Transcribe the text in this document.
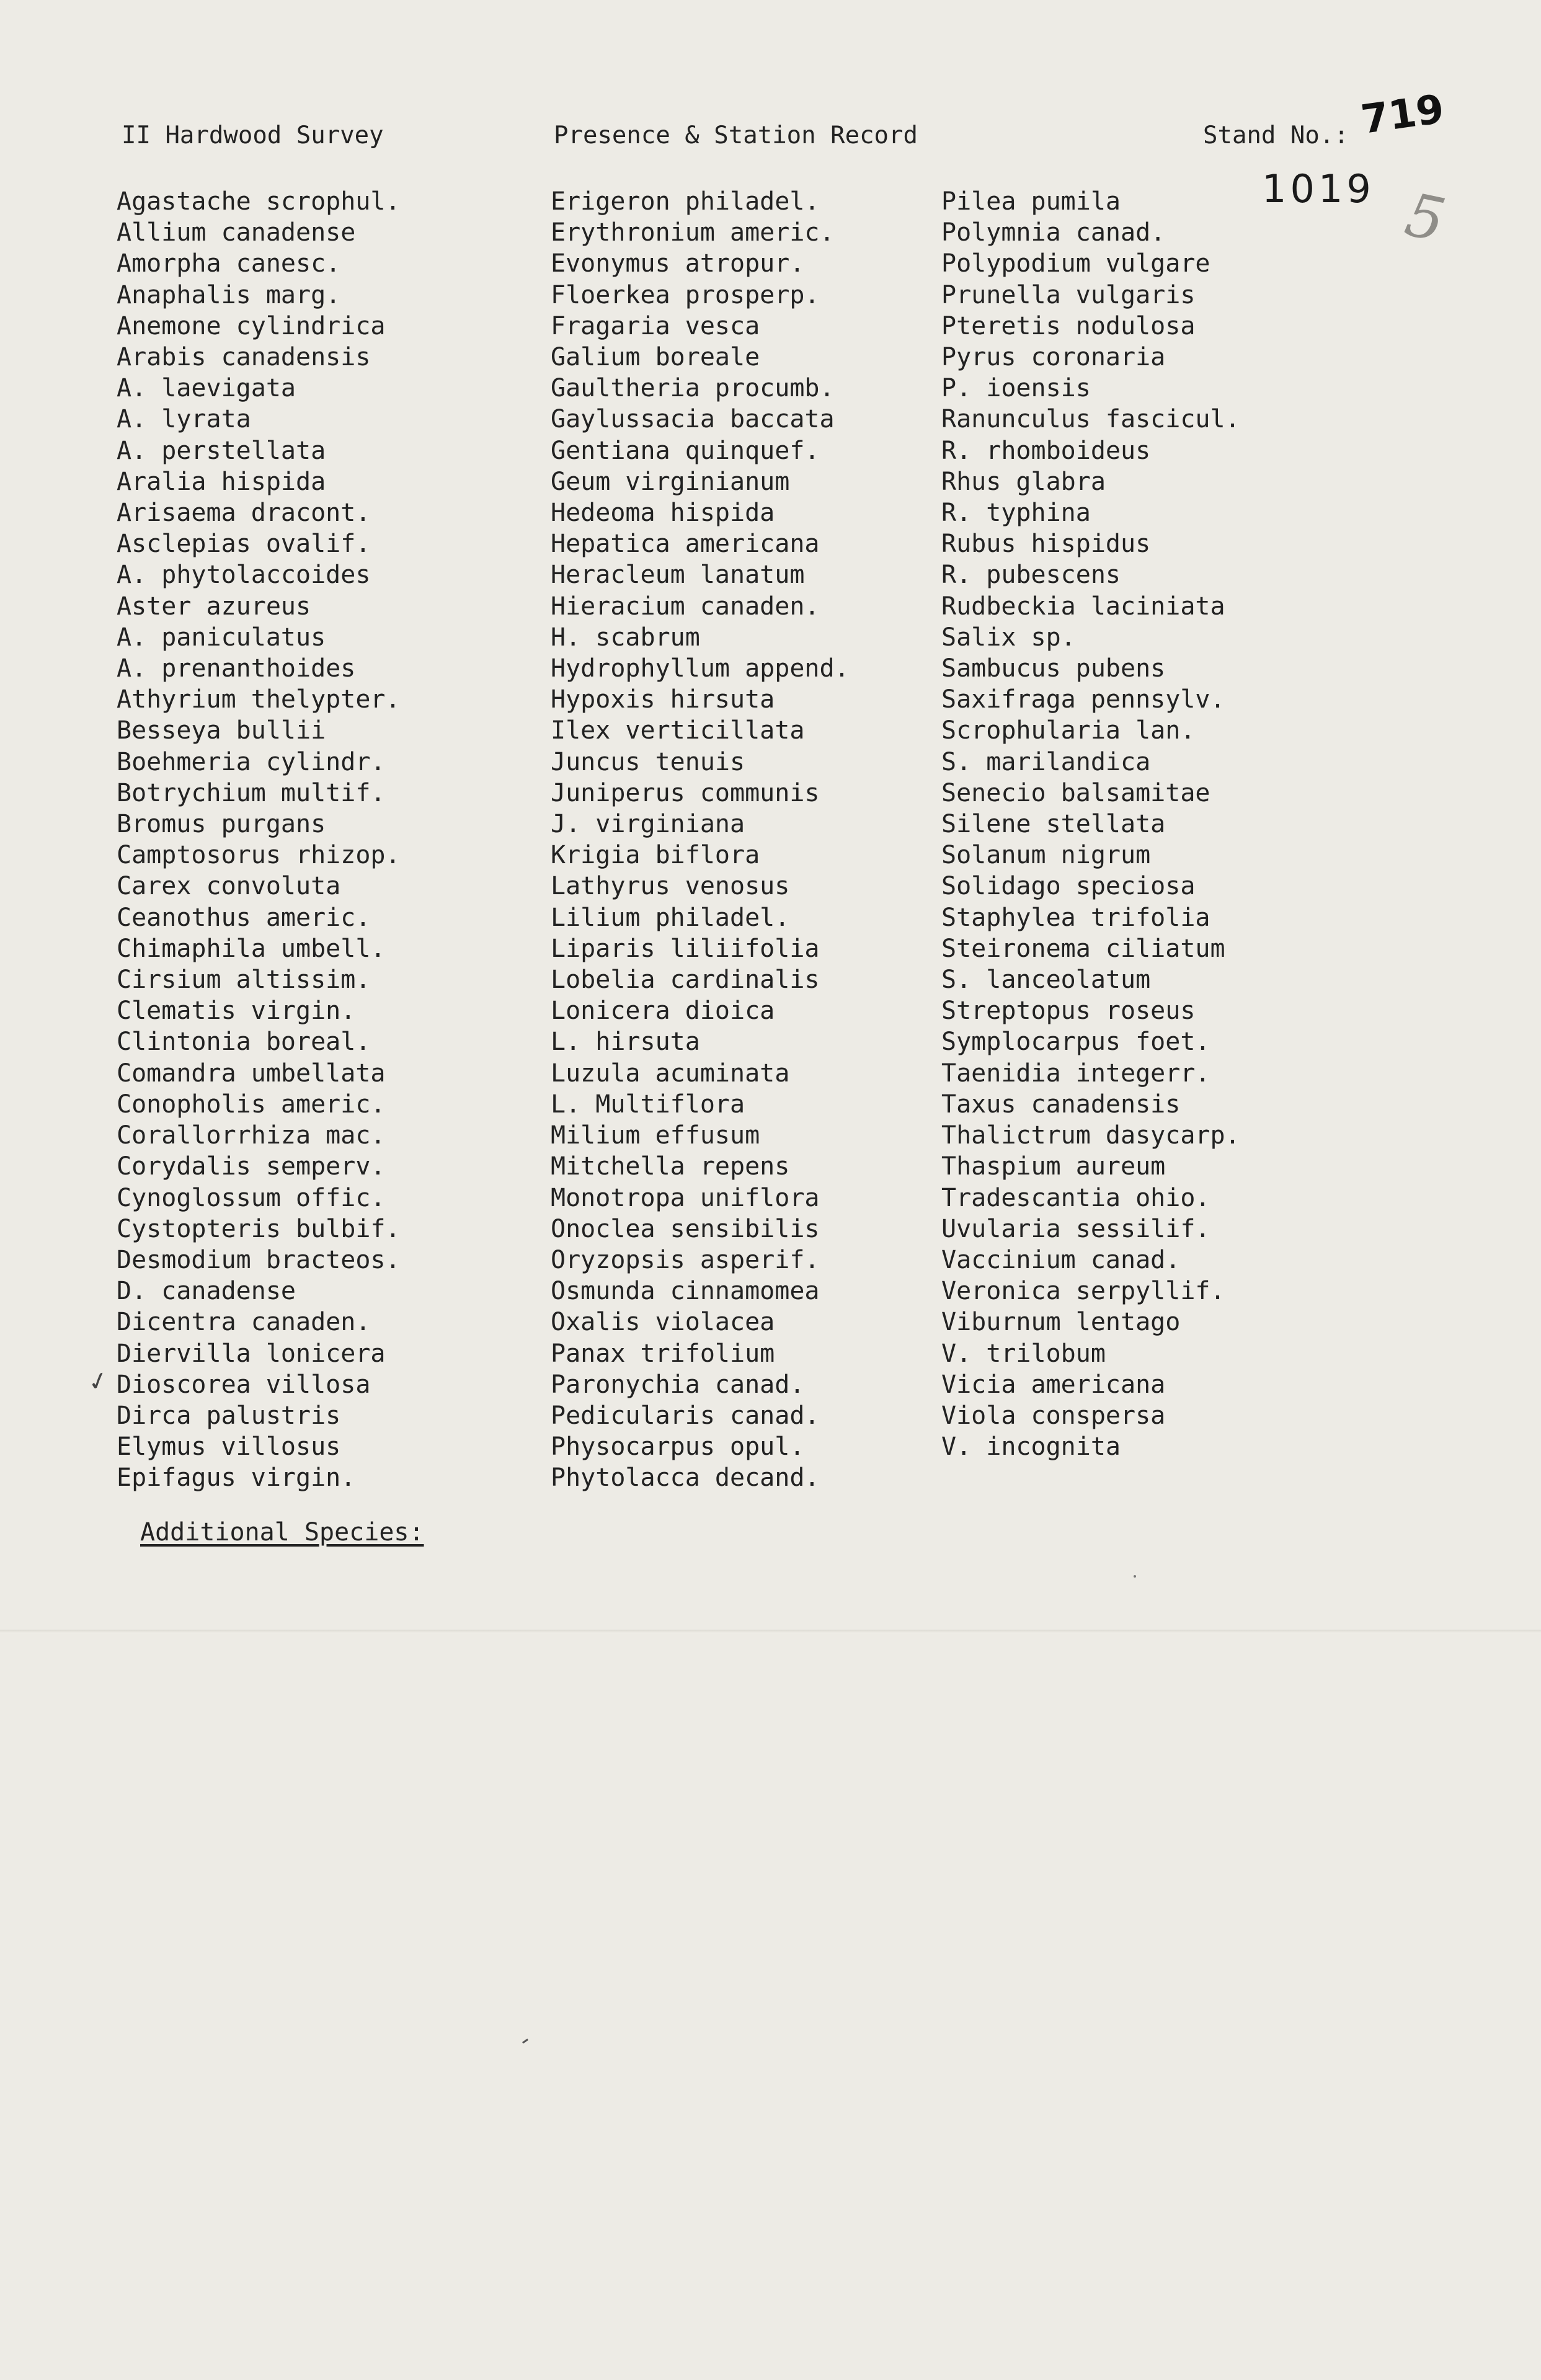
II Hardwood Survey	Presence & Station Record	Stand No.: 719
1019 5
Agastache scrophul.
Allium canadense
Amorpha canesc.
Anaphalis marg.
Anemone cylindrica
Arabis canadensis
A. laevigata
A. lyrata
A. perstellata
Aralia hispida
Arisaema dracont.
Asclepias ovalif.
A. phytolaccoides
Aster azureus
A. paniculatus
A. prenanthoides
Athyrium thelypter.
Besseya bullii
Boehmeria cylindr.
Botrychium multif.
Bromus purgans
Camptosorus rhizop.
Carex convoluta
Ceanothus americ.
Chimaphila umbell.
Cirsium altissim.
Clematis virgin.
Clintonia boreal.
Comandra umbellata
Conopholis americ.
Corallorrhiza mac.
Corydalis semperv.
Cynoglossum offic.
Cystopteris bulbif.
Desmodium bracteos.
D. canadense
Dicentra canaden.
Diervilla lonicera
Dioscorea villosa
Dirca palustris
Elymus villosus
Epifagus virgin.
Erigeron philadel.
Erythronium americ.
Evonymus atropur.
Floerkea prosperp.
Fragaria vesca
Galium boreale
Gaultheria procumb.
Gaylussacia baccata
Gentiana quinquef.
Geum virginianum
Hedeoma hispida
Hepatica americana
Heracleum lanatum
Hieracium canaden.
H. scabrum
Hydrophyllum append.
Hypoxis hirsuta
Ilex verticillata
Juncus tenuis
Juniperus communis
J. virginiana
Krigia biflora
Lathyrus venosus
Lilium philadel.
Liparis liliifolia
Lobelia cardinalis
Lonicera dioica
L. hirsuta
Luzula acuminata
L. Multiflora
Milium effusum
Mitchella repens
Monotropa uniflora
Onoclea sensibilis
Oryzopsis asperif.
Osmunda cinnamomea
Oxalis violacea
Panax trifolium
Paronychia canad.
Pedicularis canad.
Physocarpus opul.
Phytolacca decand.
Pilea pumila
Polymnia canad.
Polypodium vulgare
Prunella vulgaris
Pteretis nodulosa
Pyrus coronaria
P. ioensis
Ranunculus fascicul.
R. rhomboideus
Rhus glabra
R. typhina
Rubus hispidus
R. pubescens
Rudbeckia laciniata
Salix sp.
Sambucus pubens
Saxifraga pennsylv.
Scrophularia lan.
S. marilandica
Senecio balsamitae
Silene stellata
Solanum nigrum
Solidago speciosa
Staphylea trifolia
Steironema ciliatum
S. lanceolatum
Streptopus roseus
Symplocarpus foet.
Taenidia integerr.
Taxus canadensis
Thalictrum dasycarp.
Thaspium aureum
Tradescantia ohio.
Uvularia sessilif.
Vaccinium canad.
Veronica serpyllif.
Viburnum lentago
V. trilobum
Vicia americana
Viola conspersa
V. incognita
✓
Additional Species:
